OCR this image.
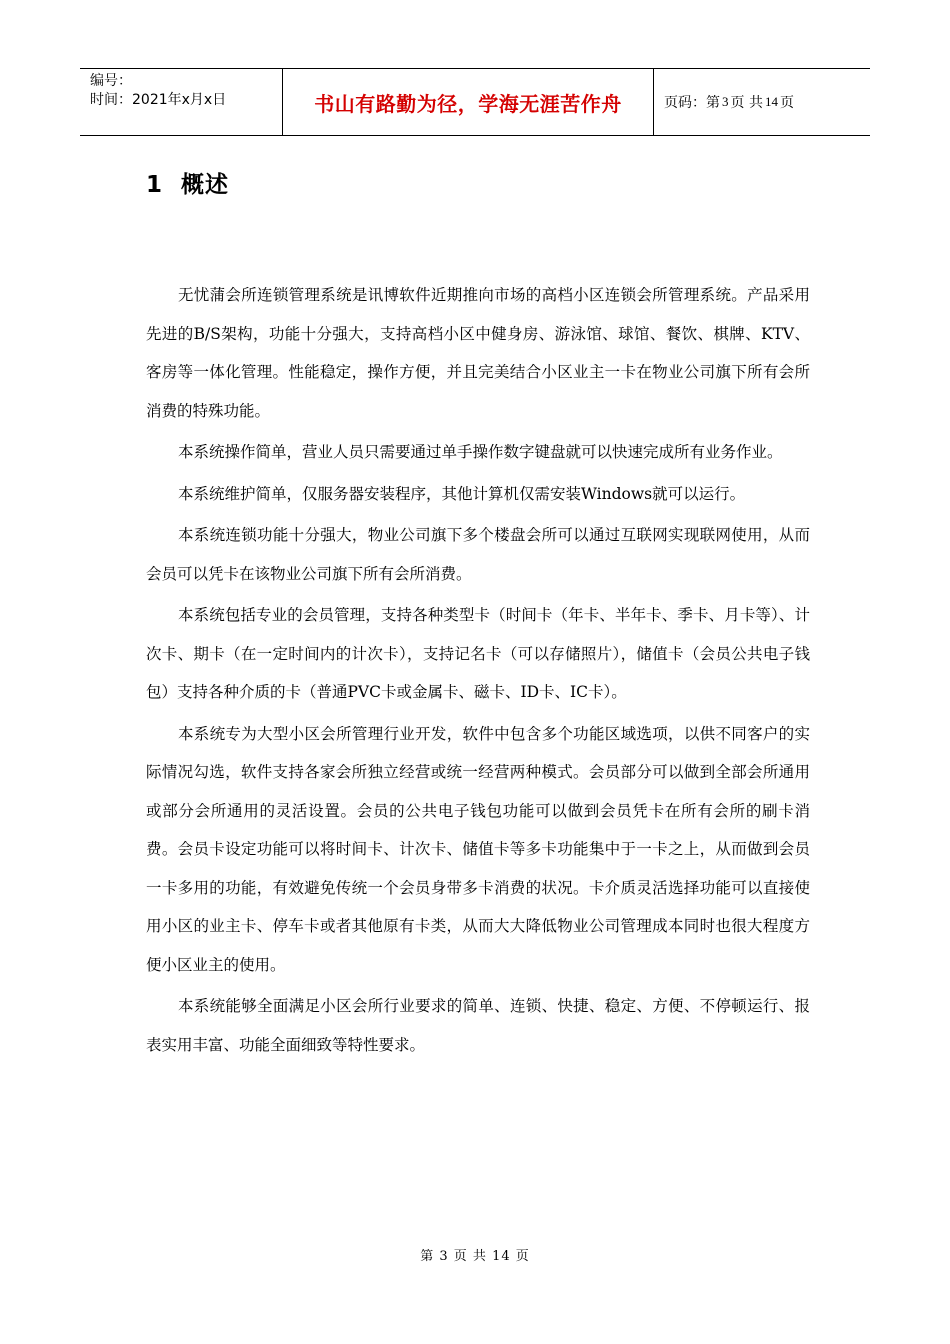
编号：
时间：2021年x月x日	书山有路勤为径，学海无涯苦作舟	页码：第 3 页 共 14 页
1 概述

无忧蒲会所连锁管理系统是讯博软件近期推向市场的高档小区连锁会所管理系统。产品采用先进的B/S架构，功能十分强大，支持高档小区中健身房、游泳馆、球馆、餐饮、棋牌、KTV、客房等一体化管理。性能稳定，操作方便，并且完美结合小区业主一卡在物业公司旗下所有会所消费的特殊功能。

本系统操作简单，营业人员只需要通过单手操作数字键盘就可以快速完成所有业务作业。

本系统维护简单，仅服务器安装程序，其他计算机仅需安装Windows就可以运行。

本系统连锁功能十分强大，物业公司旗下多个楼盘会所可以通过互联网实现联网使用，从而会员可以凭卡在该物业公司旗下所有会所消费。

本系统包括专业的会员管理，支持各种类型卡（时间卡（年卡、半年卡、季卡、月卡等）、计次卡、期卡（在一定时间内的计次卡），支持记名卡（可以存储照片），储值卡（会员公共电子钱包）支持各种介质的卡（普通PVC卡或金属卡、磁卡、ID卡、IC卡）。

本系统专为大型小区会所管理行业开发，软件中包含多个功能区域选项，以供不同客户的实际情况勾选，软件支持各家会所独立经营或统一经营两种模式。会员部分可以做到全部会所通用或部分会所通用的灵活设置。会员的公共电子钱包功能可以做到会员凭卡在所有会所的刷卡消费。会员卡设定功能可以将时间卡、计次卡、储值卡等多卡功能集中于一卡之上，从而做到会员一卡多用的功能，有效避免传统一个会员身带多卡消费的状况。卡介质灵活选择功能可以直接使用小区的业主卡、停车卡或者其他原有卡类，从而大大降低物业公司管理成本同时也很大程度方便小区业主的使用。

本系统能够全面满足小区会所行业要求的简单、连锁、快捷、稳定、方便、不停顿运行、报表实用丰富、功能全面细致等特性要求。

第 3 页 共 14 页
